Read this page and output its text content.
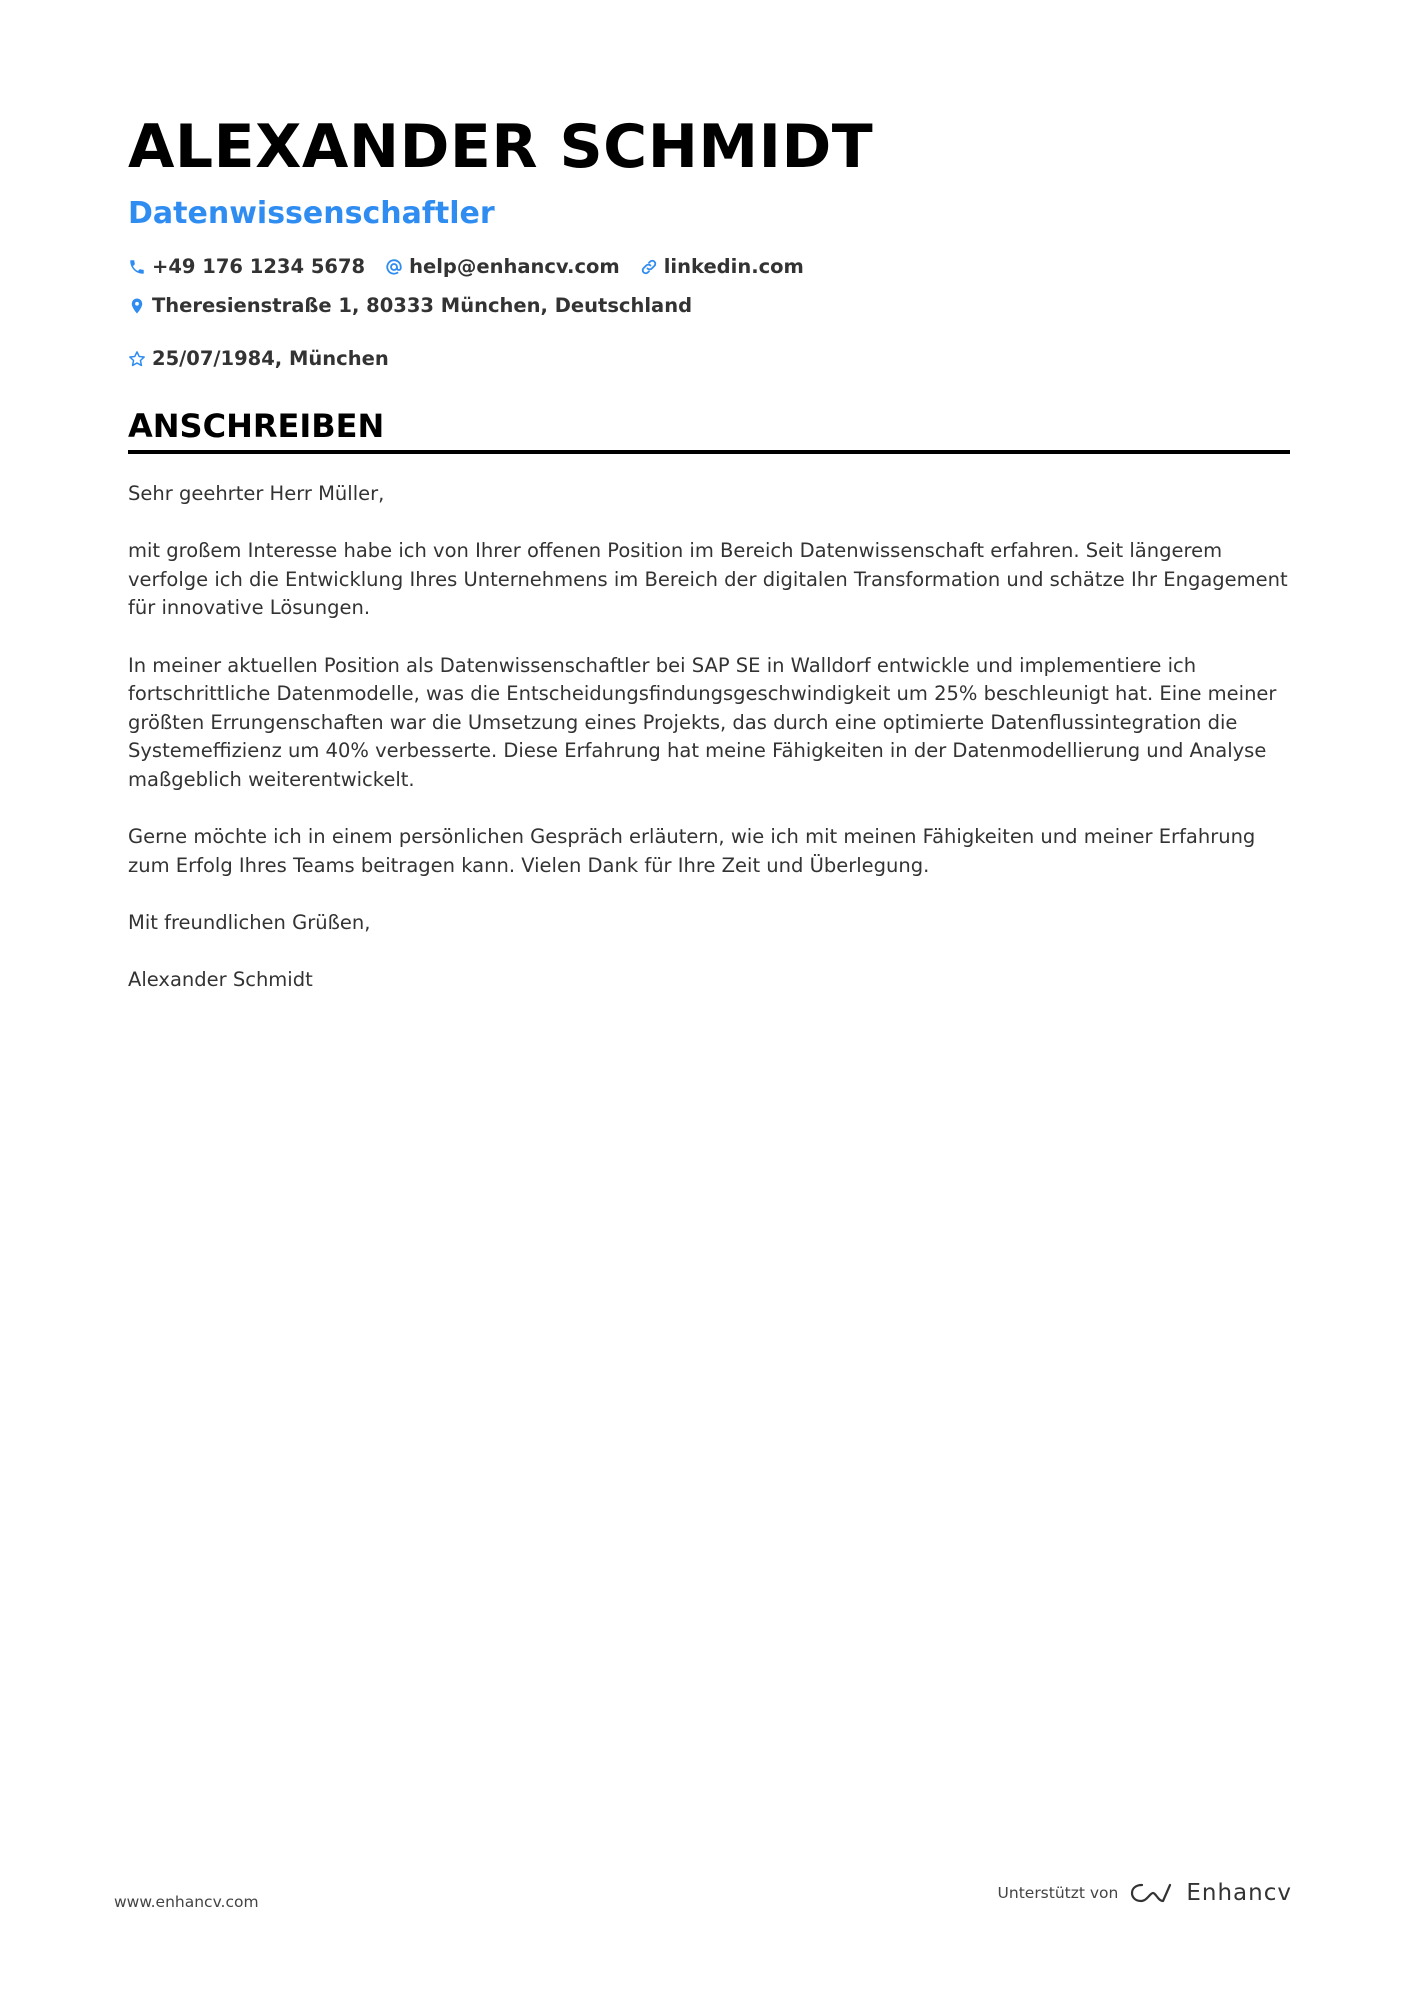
ALEXANDER SCHMIDT
Datenwissenschaftler
+49 176 1234 5678 help@enhancv.com linkedin.com
Theresienstraße 1, 80333 München, Deutschland
25/07/1984, München
ANSCHREIBEN

Sehr geehrter Herr Müller,

mit großem Interesse habe ich von Ihrer offenen Position im Bereich Datenwissenschaft erfahren. Seit längerem verfolge ich die Entwicklung Ihres Unternehmens im Bereich der digitalen Transformation und schätze Ihr Engagement für innovative Lösungen.

In meiner aktuellen Position als Datenwissenschaftler bei SAP SE in Walldorf entwickle und implementiere ich fortschrittliche Datenmodelle, was die Entscheidungsfindungsgeschwindigkeit um 25% beschleunigt hat. Eine meiner größten Errungenschaften war die Umsetzung eines Projekts, das durch eine optimierte Datenflussintegration die Systemeffizienz um 40% verbesserte. Diese Erfahrung hat meine Fähigkeiten in der Datenmodellierung und Analyse maßgeblich weiterentwickelt.

Gerne möchte ich in einem persönlichen Gespräch erläutern, wie ich mit meinen Fähigkeiten und meiner Erfahrung zum Erfolg Ihres Teams beitragen kann. Vielen Dank für Ihre Zeit und Überlegung.

Mit freundlichen Grüßen,

Alexander Schmidt

www.enhancv.com	Unterstützt von	Enhancv
